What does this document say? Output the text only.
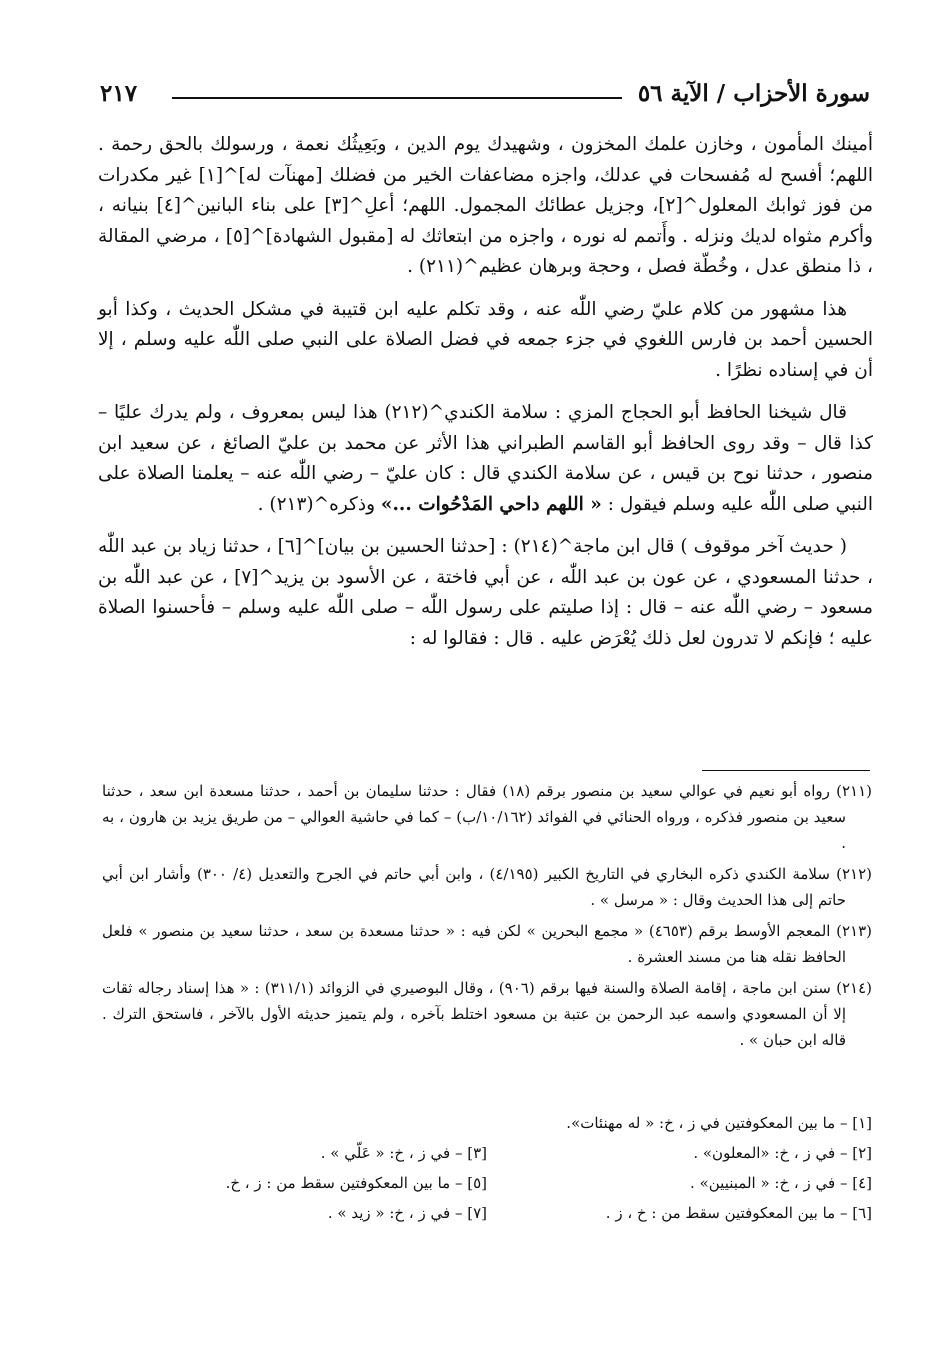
سورة الأحزاب / الآية ٥٦
٢١٧

أمينك المأمون ، وخازن علمك المخزون ، وشهيدك يوم الدين ، وبَعِيثُك نعمة ، ورسولك بالحق رحمة . اللهم؛ أفسح له مُفسحات في عدلك، واجزه مضاعفات الخير من فضلك [مهنآت له]^[١] غير مكدرات من فوز ثوابك المعلول^[٢]، وجزيل عطائك المجمول. اللهم؛ أعلِ^[٣] على بناء البانين^[٤] بنيانه ، وأكرم مثواه لديك ونزله . وأَتمم له نوره ، واجزه من ابتعاثك له [مقبول الشهادة]^[٥] ، مرضي المقالة ، ذا منطق عدل ، وخُطّة فصل ، وحجة وبرهان عظيم^(٢١١) .

هذا مشهور من كلام عليّ رضي اللّٰه عنه ، وقد تكلم عليه ابن قتيبة في مشكل الحديث ، وكذا أبو الحسين أحمد بن فارس اللغوي في جزء جمعه في فضل الصلاة على النبي صلى اللّٰه عليه وسلم ، إلا أن في إسناده نظرًا .

قال شيخنا الحافظ أبو الحجاج المزي : سلامة الكندي^(٢١٢) هذا ليس بمعروف ، ولم يدرك عليًا – كذا قال – وقد روى الحافظ أبو القاسم الطبراني هذا الأثر عن محمد بن عليّ الصائغ ، عن سعيد ابن منصور ، حدثنا نوح بن قيس ، عن سلامة الكندي قال : كان عليّ – رضي اللّٰه عنه – يعلمنا الصلاة على النبي صلى اللّٰه عليه وسلم فيقول : « اللهم داحي المَدْحُوات ...» وذكره^(٢١٣) .

( حديث آخر موقوف ) قال ابن ماجة^(٢١٤) : [حدثنا الحسين بن بيان]^[٦] ، حدثنا زياد بن عبد اللّٰه ، حدثنا المسعودي ، عن عون بن عبد اللّٰه ، عن أبي فاختة ، عن الأسود بن يزيد^[٧] ، عن عبد اللّٰه بن مسعود – رضي اللّٰه عنه – قال : إذا صليتم على رسول اللّٰه – صلى اللّٰه عليه وسلم – فأحسنوا الصلاة عليه ؛ فإنكم لا تدرون لعل ذلك يُعْرَض عليه . قال : فقالوا له :

(٢١١) رواه أبو نعيم في عوالي سعيد بن منصور برقم (١٨) فقال : حدثنا سليمان بن أحمد ، حدثنا مسعدة ابن سعد ، حدثنا سعيد بن منصور فذكره ، ورواه الحنائي في الفوائد (١٠/١٦٢/ب) – كما في حاشية العوالي – من طريق يزيد بن هارون ، به .

(٢١٢) سلامة الكندي ذكره البخاري في التاريخ الكبير (٤/١٩٥) ، وابن أبي حاتم في الجرح والتعديل (٤/ ٣٠٠) وأشار ابن أبي حاتم إلى هذا الحديث وقال : « مرسل » .

(٢١٣) المعجم الأوسط برقم (٤٦٥٣) « مجمع البحرين » لكن فيه : « حدثنا مسعدة بن سعد ، حدثنا سعيد بن منصور » فلعل الحافظ نقله هنا من مسند العشرة .

(٢١٤) سنن ابن ماجة ، إقامة الصلاة والسنة فيها برقم (٩٠٦) ، وقال البوصيري في الزوائد (٣١١/١) : « هذا إسناد رجاله ثقات إلا أن المسعودي واسمه عبد الرحمن بن عتبة بن مسعود اختلط بآخره ، ولم يتميز حديثه الأول بالآخر ، فاستحق الترك . قاله ابن حبان » .

[١] – ما بين المعكوفتين في ز ، خ: « له مهنئات».
[٢] – في ز ، خ: «المعلون» .
[٣] – في ز ، خ: « عَلّي » .
[٤] – في ز ، خ: « المبنيين» .
[٥] – ما بين المعكوفتين سقط من : ز ، خ.
[٦] – ما بين المعكوفتين سقط من : خ ، ز .
[٧] – في ز ، خ: « زيد » .
